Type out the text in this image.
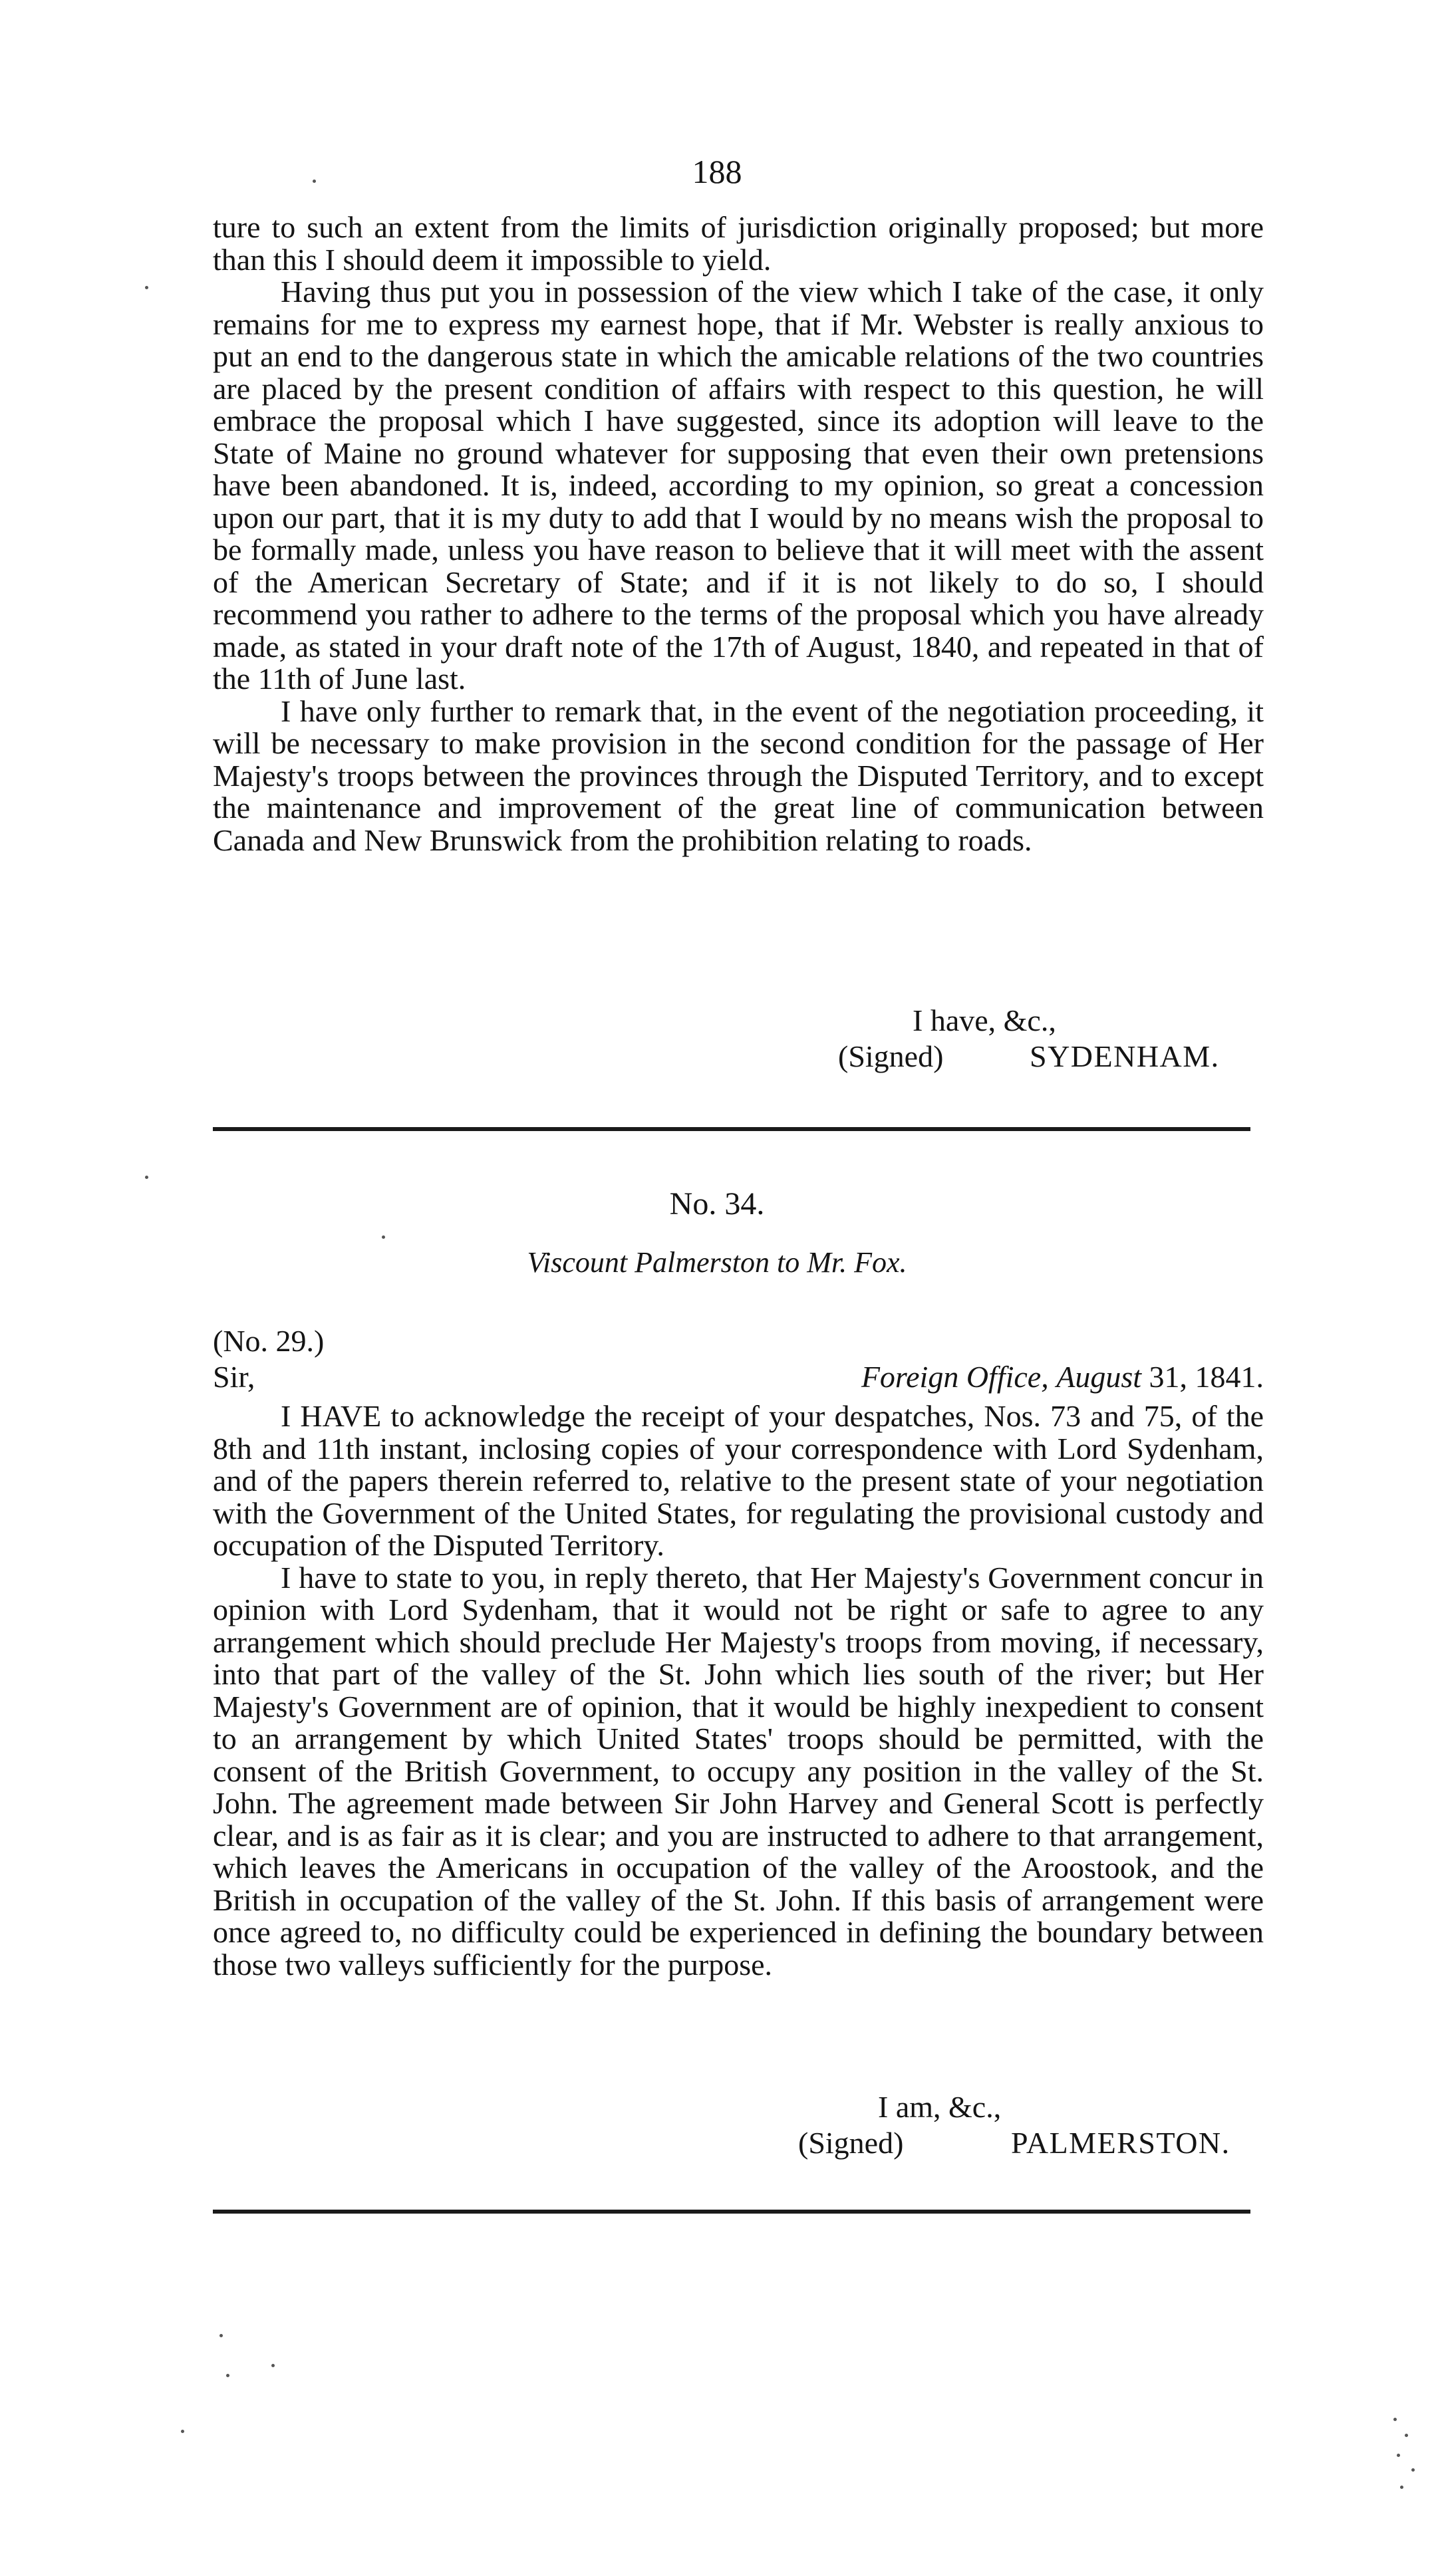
188

ture to such an extent from the limits of jurisdiction originally proposed; but more than this I should deem it impossible to yield.

Having thus put you in possession of the view which I take of the case, it only remains for me to express my earnest hope, that if Mr. Webster is really anxious to put an end to the dangerous state in which the amicable relations of the two countries are placed by the present condition of affairs with respect to this question, he will embrace the proposal which I have suggested, since its adoption will leave to the State of Maine no ground whatever for supposing that even their own pretensions have been abandoned. It is, indeed, according to my opinion, so great a concession upon our part, that it is my duty to add that I would by no means wish the proposal to be formally made, unless you have reason to believe that it will meet with the assent of the American Secretary of State; and if it is not likely to do so, I should recommend you rather to adhere to the terms of the proposal which you have already made, as stated in your draft note of the 17th of August, 1840, and repeated in that of the 11th of June last.

I have only further to remark that, in the event of the negotiation proceeding, it will be necessary to make provision in the second condition for the passage of Her Majesty's troops between the provinces through the Disputed Territory, and to except the maintenance and improvement of the great line of communication between Canada and New Brunswick from the prohibition relating to roads.

I have, &c.,
(Signed)	SYDENHAM.
No. 34.
Viscount Palmerston to Mr. Fox.
(No. 29.)
Sir,	Foreign Office, August 31, 1841.

I HAVE to acknowledge the receipt of your despatches, Nos. 73 and 75, of the 8th and 11th instant, inclosing copies of your correspondence with Lord Sydenham, and of the papers therein referred to, relative to the present state of your negotiation with the Government of the United States, for regulating the provisional custody and occupation of the Disputed Territory.

I have to state to you, in reply thereto, that Her Majesty's Government concur in opinion with Lord Sydenham, that it would not be right or safe to agree to any arrangement which should preclude Her Majesty's troops from moving, if necessary, into that part of the valley of the St. John which lies south of the river; but Her Majesty's Government are of opinion, that it would be highly inexpedient to consent to an arrangement by which United States' troops should be permitted, with the consent of the British Government, to occupy any position in the valley of the St. John. The agreement made between Sir John Harvey and General Scott is perfectly clear, and is as fair as it is clear; and you are instructed to adhere to that arrangement, which leaves the Americans in occupation of the valley of the Aroostook, and the British in occupation of the valley of the St. John. If this basis of arrangement were once agreed to, no difficulty could be experienced in defining the boundary between those two valleys sufficiently for the purpose.

I am, &c.,
(Signed)	PALMERSTON.
